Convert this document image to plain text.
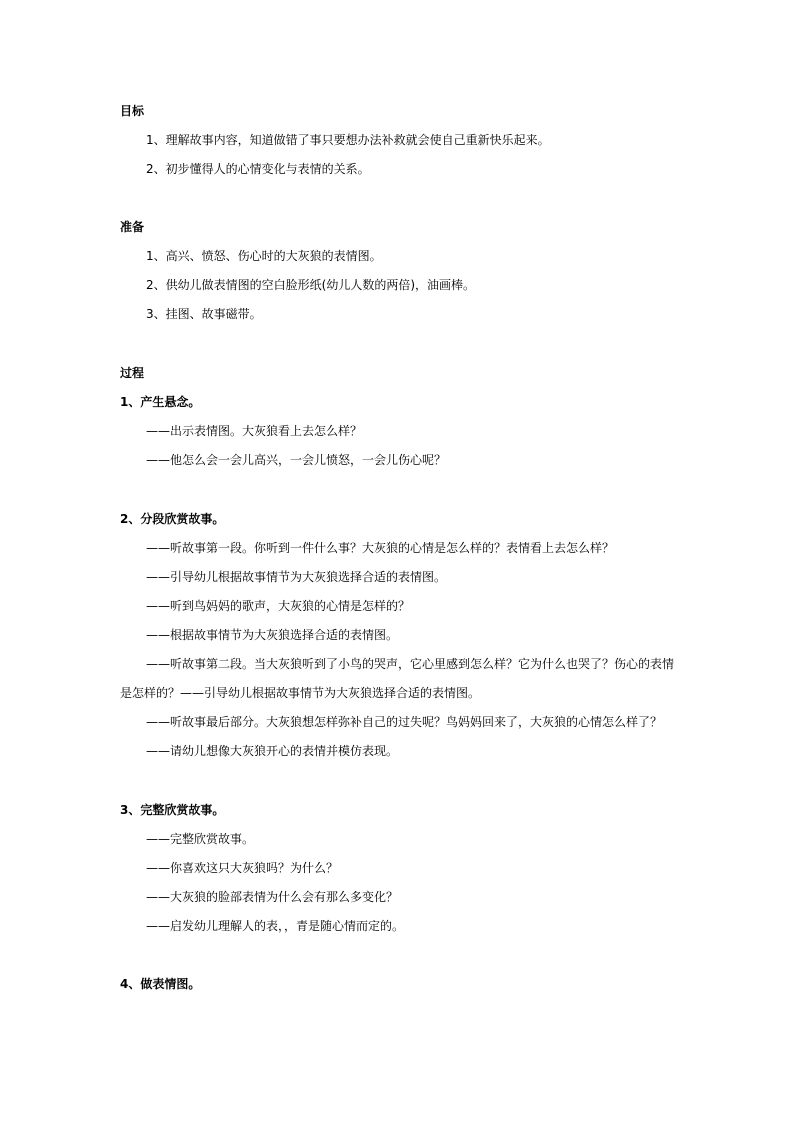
目标
1、理解故事内容，知道做错了事只要想办法补救就会使自己重新快乐起来。
2、初步懂得人的心情变化与表情的关系。
准备
1、高兴、愤怒、伤心时的大灰狼的表情图。
2、供幼儿做表情图的空白脸形纸(幼儿人数的两倍)，油画棒。
3、挂图、故事磁带。
过程
1、产生悬念。
——出示表情图。大灰狼看上去怎么样？
——他怎么会一会儿高兴，一会儿愤怒，一会儿伤心呢？
2、分段欣赏故事。
——听故事第一段。你听到一件什么事？大灰狼的心情是怎么样的？表情看上去怎么样？
——引导幼儿根据故事情节为大灰狼选择合适的表情图。
——听到鸟妈妈的歌声，大灰狼的心情是怎样的？
——根据故事情节为大灰狼选择合适的表情图。
——听故事第二段。当大灰狼听到了小鸟的哭声，它心里感到怎么样？它为什么也哭了？伤心的表情
是怎样的？——引导幼儿根据故事情节为大灰狼选择合适的表情图。
——听故事最后部分。大灰狼想怎样弥补自己的过失呢？鸟妈妈回来了，大灰狼的心情怎么样了？
——请幼儿想像大灰狼开心的表情并模仿表现。
3、完整欣赏故事。
——完整欣赏故事。
——你喜欢这只大灰狼吗？为什么？
——大灰狼的脸部表情为什么会有那么多变化？
——启发幼儿理解人的表，，青是随心情而定的。
4、做表情图。
